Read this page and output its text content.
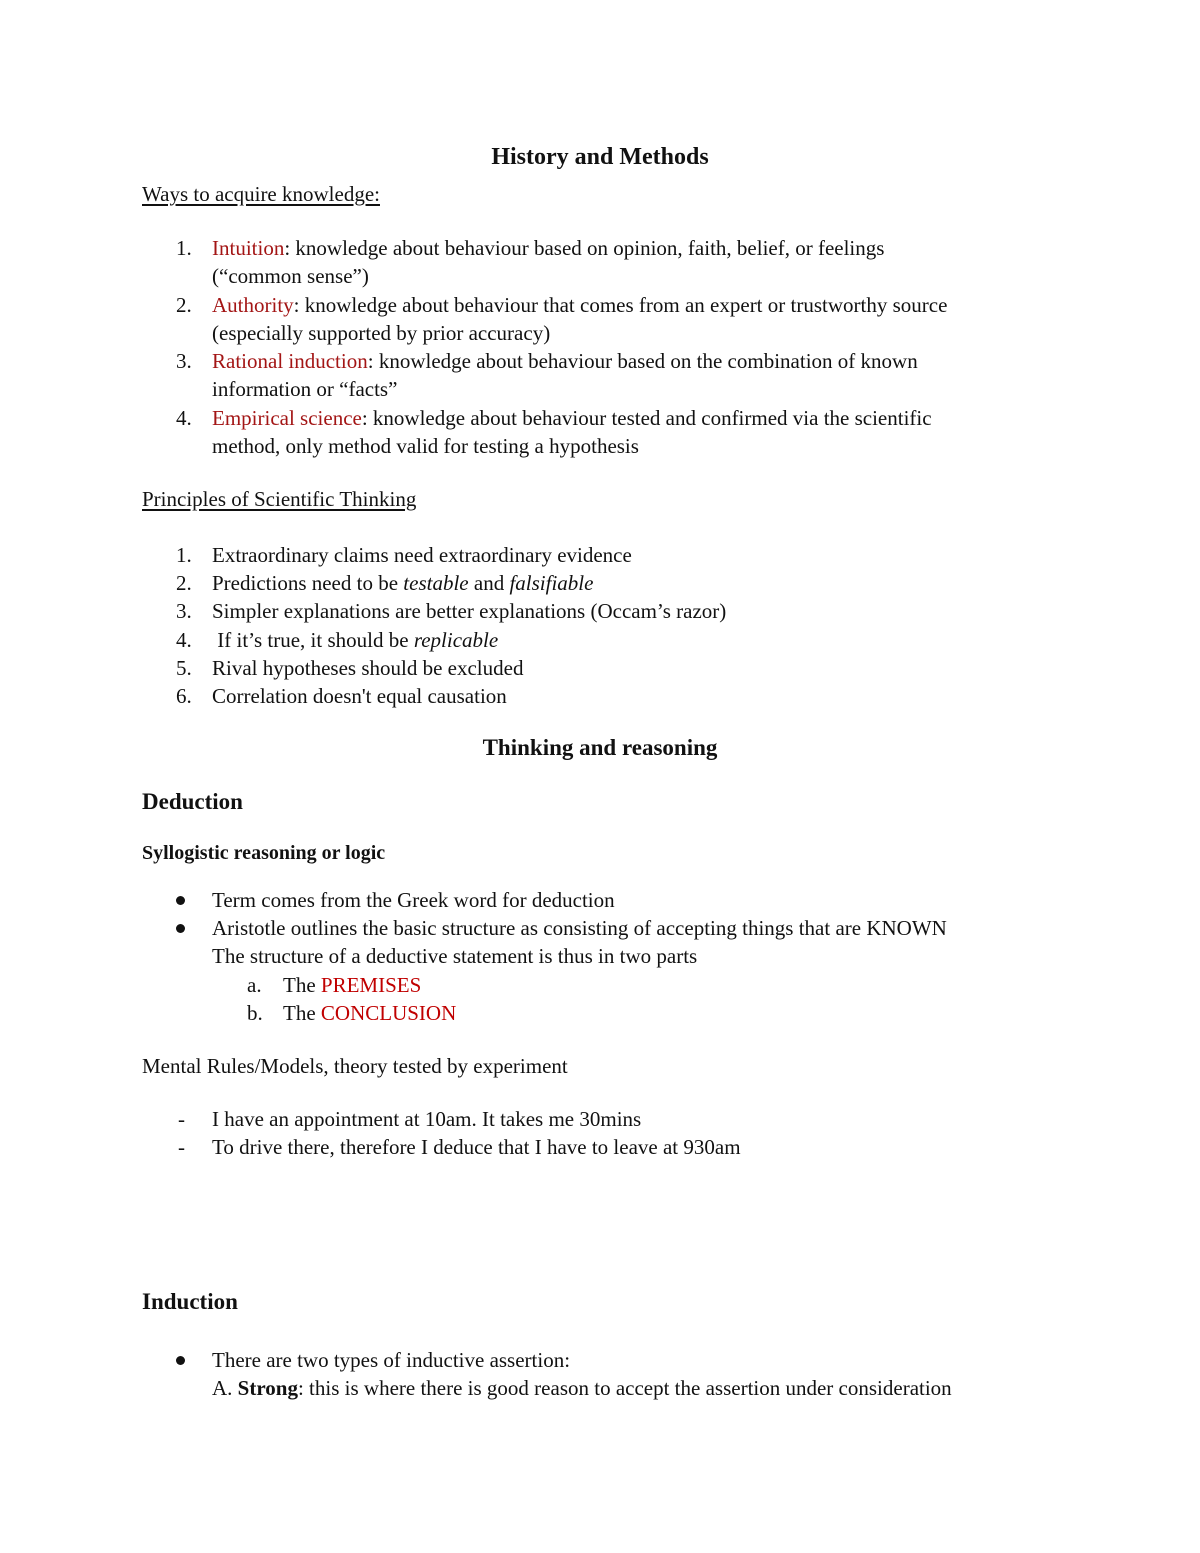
History and Methods
Ways to acquire knowledge:
1. Intuition: knowledge about behaviour based on opinion, faith, belief, or feelings
(“common sense”)
2. Authority: knowledge about behaviour that comes from an expert or trustworthy source
(especially supported by prior accuracy)
3. Rational induction: knowledge about behaviour based on the combination of known
information or “facts”
4. Empirical science: knowledge about behaviour tested and confirmed via the scientific
method, only method valid for testing a hypothesis
Principles of Scientific Thinking
1. Extraordinary claims need extraordinary evidence
2. Predictions need to be testable and falsifiable
3. Simpler explanations are better explanations (Occam’s razor)
4. If it’s true, it should be replicable
5. Rival hypotheses should be excluded
6. Correlation doesn't equal causation
Thinking and reasoning
Deduction
Syllogistic reasoning or logic
Term comes from the Greek word for deduction
Aristotle outlines the basic structure as consisting of accepting things that are KNOWN
The structure of a deductive statement is thus in two parts
a. The PREMISES
b. The CONCLUSION
Mental Rules/Models, theory tested by experiment
- I have an appointment at 10am. It takes me 30mins
- To drive there, therefore I deduce that I have to leave at 930am
Induction
There are two types of inductive assertion:
A. Strong: this is where there is good reason to accept the assertion under consideration
